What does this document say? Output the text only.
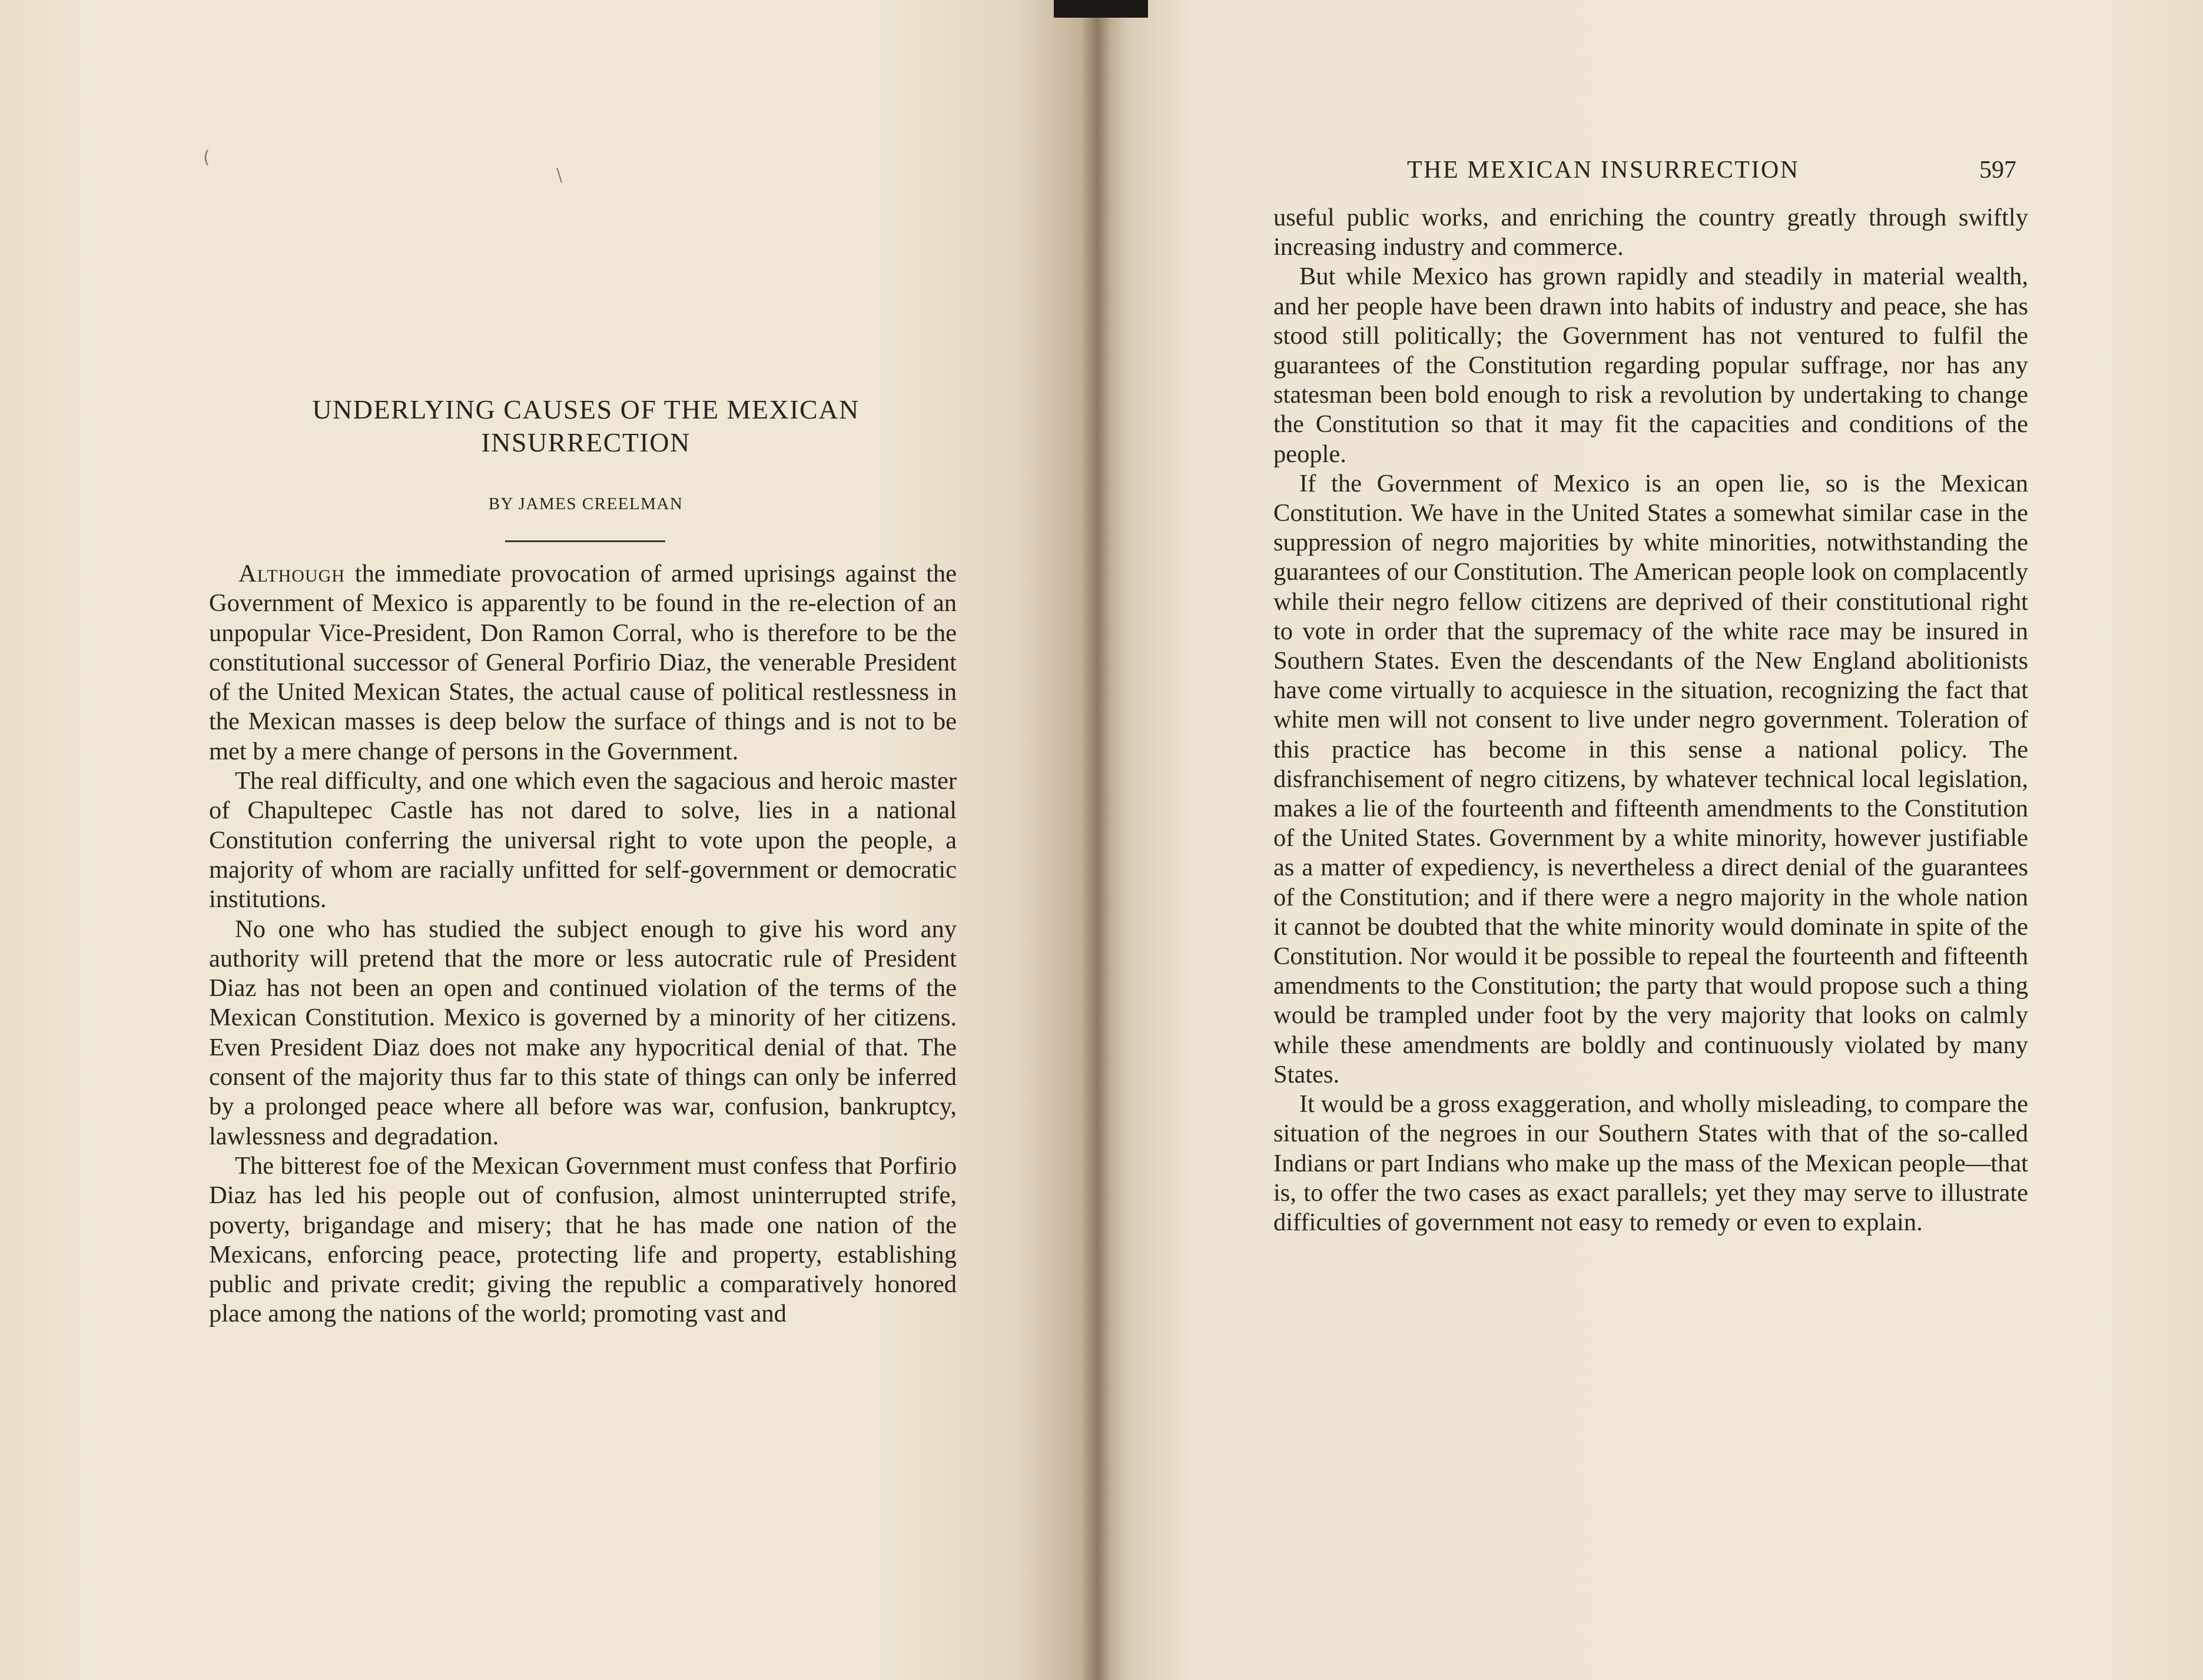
(
\
UNDERLYING CAUSES OF THE MEXICAN INSURRECTION
BY JAMES CREELMAN

Although the immediate provocation of armed uprisings against the Government of Mexico is apparently to be found in the re-election of an unpopular Vice-President, Don Ramon Corral, who is therefore to be the constitutional successor of General Porfirio Diaz, the venerable President of the United Mexican States, the actual cause of political restlessness in the Mexican masses is deep below the surface of things and is not to be met by a mere change of persons in the Government.

The real difficulty, and one which even the sagacious and heroic master of Chapultepec Castle has not dared to solve, lies in a national Constitution conferring the universal right to vote upon the people, a majority of whom are racially unfitted for self-government or democratic institutions.

No one who has studied the subject enough to give his word any authority will pretend that the more or less autocratic rule of President Diaz has not been an open and continued violation of the terms of the Mexican Constitution. Mexico is governed by a minority of her citizens. Even President Diaz does not make any hypocritical denial of that. The consent of the majority thus far to this state of things can only be inferred by a prolonged peace where all before was war, confusion, bankruptcy, lawlessness and degradation.

The bitterest foe of the Mexican Government must confess that Porfirio Diaz has led his people out of confusion, almost uninterrupted strife, poverty, brigandage and misery; that he has made one nation of the Mexicans, enforcing peace, protecting life and property, establishing public and private credit; giving the republic a comparatively honored place among the nations of the world; promoting vast and

THE MEXICAN INSURRECTION	597

useful public works, and enriching the country greatly through swiftly increasing industry and commerce.

But while Mexico has grown rapidly and steadily in material wealth, and her people have been drawn into habits of industry and peace, she has stood still politically; the Government has not ventured to fulfil the guarantees of the Constitution regarding popular suffrage, nor has any statesman been bold enough to risk a revolution by undertaking to change the Constitution so that it may fit the capacities and conditions of the people.

If the Government of Mexico is an open lie, so is the Mexican Constitution. We have in the United States a somewhat similar case in the suppression of negro majorities by white minorities, notwithstanding the guarantees of our Constitution. The American people look on complacently while their negro fellow citizens are deprived of their constitutional right to vote in order that the supremacy of the white race may be insured in Southern States. Even the descendants of the New England abolitionists have come virtually to acquiesce in the situation, recognizing the fact that white men will not consent to live under negro government. Toleration of this practice has become in this sense a national policy. The disfranchisement of negro citizens, by whatever technical local legislation, makes a lie of the fourteenth and fifteenth amendments to the Constitution of the United States. Government by a white minority, however justifiable as a matter of expediency, is nevertheless a direct denial of the guarantees of the Constitution; and if there were a negro majority in the whole nation it cannot be doubted that the white minority would dominate in spite of the Constitution. Nor would it be possible to repeal the fourteenth and fifteenth amendments to the Constitution; the party that would propose such a thing would be trampled under foot by the very majority that looks on calmly while these amendments are boldly and continuously violated by many States.

It would be a gross exaggeration, and wholly misleading, to compare the situation of the negroes in our Southern States with that of the so-called Indians or part Indians who make up the mass of the Mexican people—that is, to offer the two cases as exact parallels; yet they may serve to illustrate difficulties of government not easy to remedy or even to explain.
